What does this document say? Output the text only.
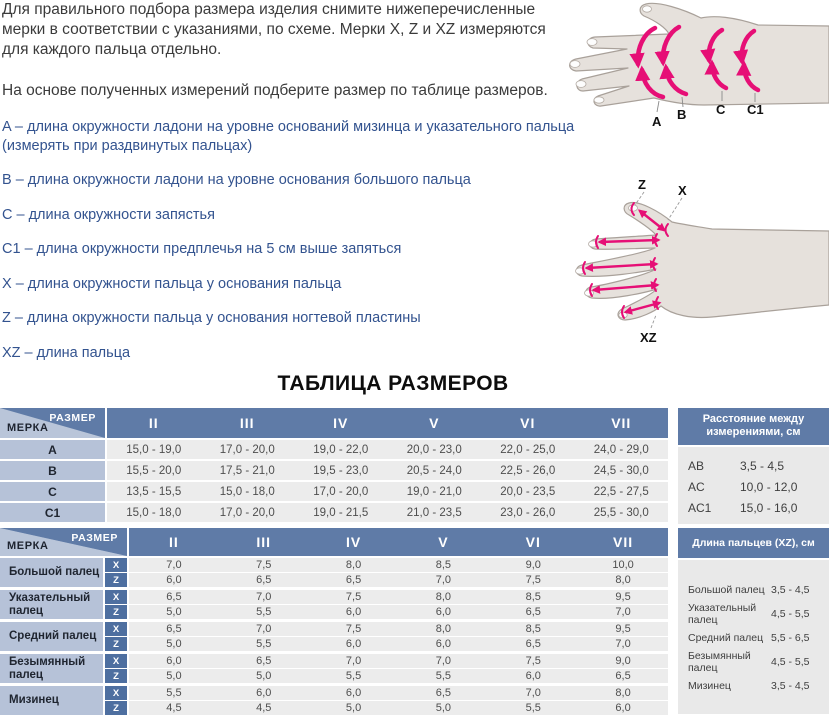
Для правильного подбора размера изделия снимите нижеперечисленные мерки в соответствии с указаниями, по схеме. Мерки X, Z и XZ измеряются для каждого пальца отдельно.

На основе полученных измерений подберите размер по таблице размеров.

A – длина окружности ладони на уровне оснований мизинца и указательного пальца (измерять при раздвинутых пальцах)

B – длина окружности ладони на уровне основания большого пальца

C – длина окружности запястья

C1 – длина окружности предплечья на 5 см выше запяться

X – длина окружности пальца у основания пальца

Z – длина окружности пальца у основания ногтевой пластины

XZ – длина пальца

A B C C1
Z X
XZ
ТАБЛИЦА РАЗМЕРОВ
РАЗМЕР
МЕРКА	II	III	IV	V	VI	VII
A	15,0 - 19,0	17,0 - 20,0	19,0 - 22,0	20,0 - 23,0	22,0 - 25,0	24,0 - 29,0
B	15,5 - 20,0	17,5 - 21,0	19,5 - 23,0	20,5 - 24,0	22,5 - 26,0	24,5 - 30,0
C	13,5 - 15,5	15,0 - 18,0	17,0 - 20,0	19,0 - 21,0	20,0 - 23,5	22,5 - 27,5
C1	15,0 - 18,0	17,0 - 20,0	19,0 - 21,5	21,0 - 23,5	23,0 - 26,0	25,5 - 30,0
Расстояние между
измерениями, см
AB	3,5 - 4,5
AC	10,0 - 12,0
AC1	15,0 - 16,0
РАЗМЕР
МЕРКА	II	III	IV	V	VI	VII
Большой палец
X	7,0	7,5	8,0	8,5	9,0	10,0
Z	6,0	6,5	6,5	7,0	7,5	8,0
Указательный палец
X	6,5	7,0	7,5	8,0	8,5	9,5
Z	5,0	5,5	6,0	6,0	6,5	7,0
Средний палец
X	6,5	7,0	7,5	8,0	8,5	9,5
Z	5,0	5,5	6,0	6,0	6,5	7,0
Безымянный палец
X	6,0	6,5	7,0	7,0	7,5	9,0
Z	5,0	5,0	5,5	5,5	6,0	6,5
Мизинец
X	5,5	6,0	6,0	6,5	7,0	8,0
Z	4,5	4,5	5,0	5,0	5,5	6,0
Длина пальцев (XZ), см
Большой палец 3,5 - 4,5
Указательный палец	4,5 - 5,5
Средний палец 5,5 - 6,5
Безымянный палец	4,5 - 5,5
Мизинец	3,5 - 4,5
